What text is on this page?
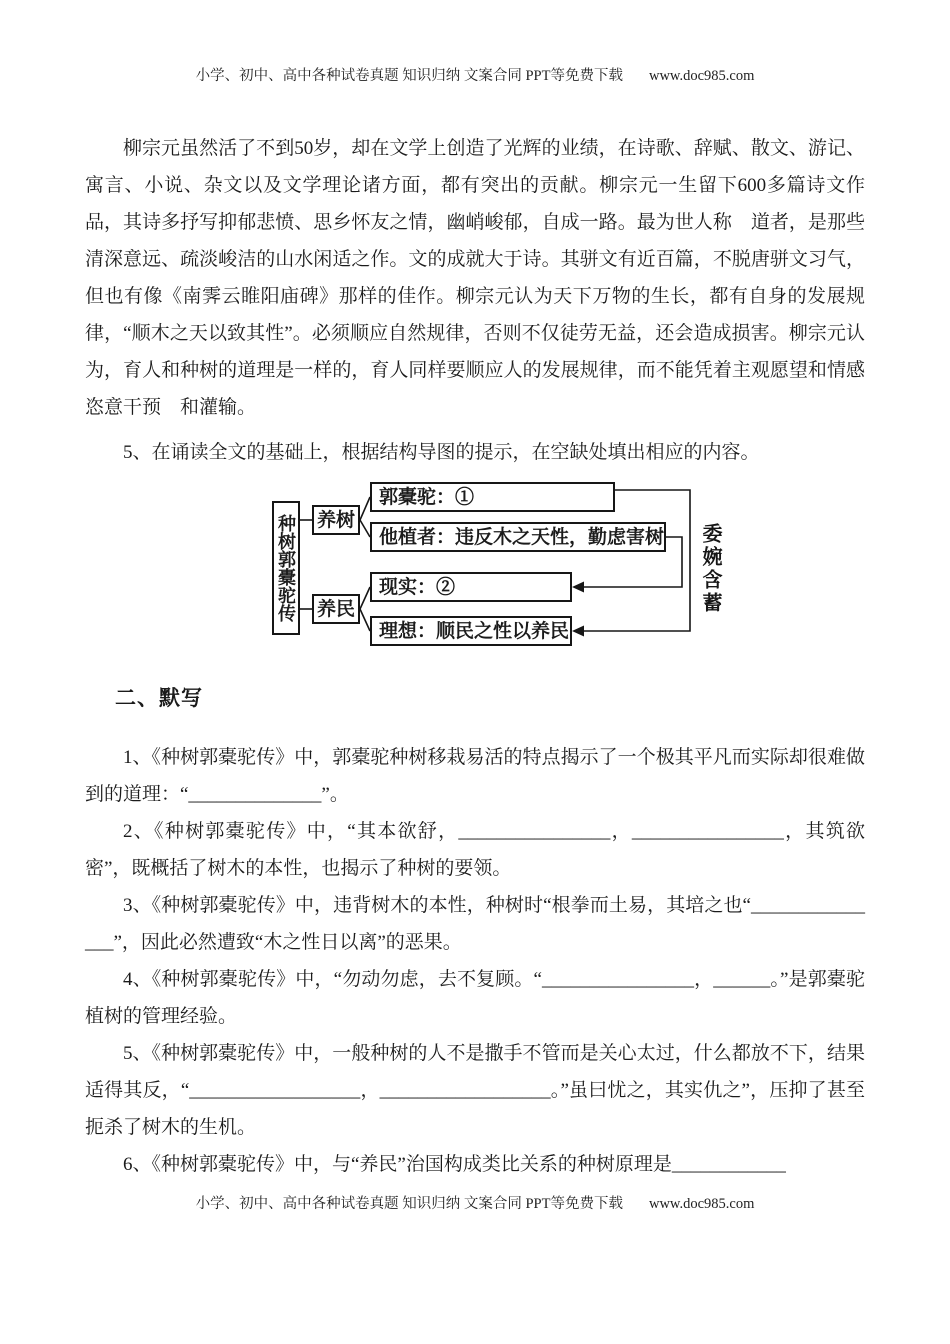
小学、初中、高中各种试卷真题 知识归纳 文案合同 PPT等免费下载 www.doc985.com

柳宗元虽然活了不到50岁，却在文学上创造了光辉的业绩，在诗歌、辞赋、散文、游记、寓言、小说、杂文以及文学理论诸方面，都有突出的贡献。柳宗元一生留下600多篇诗文作品，其诗多抒写抑郁悲愤、思乡怀友之情，幽峭峻郁，自成一路。最为世人称　道者，是那些清深意远、疏淡峻洁的山水闲适之作。文的成就大于诗。其骈文有近百篇，不脱唐骈文习气，但也有像《南霁云睢阳庙碑》那样的佳作。柳宗元认为天下万物的生长，都有自身的发展规律，“顺木之天以致其性”。必须顺应自然规律，否则不仅徒劳无益，还会造成损害。柳宗元认为，育人和种树的道理是一样的，育人同样要顺应人的发展规律，而不能凭着主观愿望和情感恣意干预　和灌输。

5、在诵读全文的基础上，根据结构导图的提示，在空缺处填出相应的内容。

种树郭橐驼传 养树
养民
郭橐驼：①
他植者：违反木之天性，勤虑害树
现实：②
理想：顺民之性以养民
委婉含蓄
二、默写

1、《种树郭橐驼传》中，郭橐驼种树移栽易活的特点揭示了一个极其平凡而实际却很难做到的道理：“______________”。

2、《种树郭橐驼传》中，“其本欲舒，________________，________________，其筑欲密”，既概括了树木的本性，也揭示了种树的要领。

3、《种树郭橐驼传》中，违背树木的本性，种树时“根拳而土易，其培之也“_______________”，因此必然遭致“木之性日以离”的恶果。

4、《种树郭橐驼传》中，“勿动勿虑，去不复顾。“________________，______。”是郭橐驼植树的管理经验。

5、《种树郭橐驼传》中，一般种树的人不是撒手不管而是关心太过，什么都放不下，结果适得其反，“__________________，__________________。”虽曰忧之，其实仇之”，压抑了甚至扼杀了树木的生机。

6、《种树郭橐驼传》中，与“养民”治国构成类比关系的种树原理是____________

小学、初中、高中各种试卷真题 知识归纳 文案合同 PPT等免费下载 www.doc985.com
